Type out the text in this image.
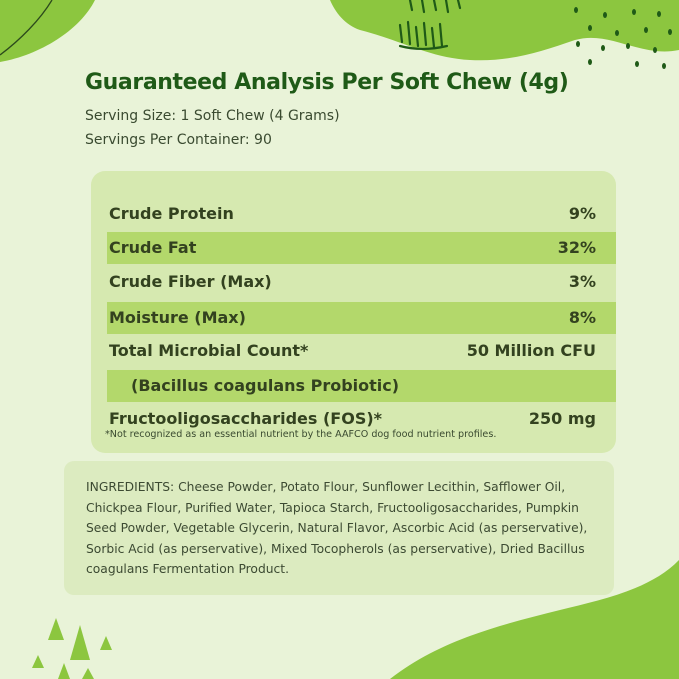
Guaranteed Analysis Per Soft Chew (4g)

Serving Size: 1 Soft Chew (4 Grams)

Servings Per Container: 90

Crude Protein	9%
Crude Fat	32%
Crude Fiber (Max)	3%
Moisture (Max)	8%
Total Microbial Count*	50 Million CFU
(Bacillus coagulans Probiotic)
Fructooligosaccharides (FOS)*	250 mg
*Not recognized as an essential nutrient by the AAFCO dog food nutrient profiles.

INGREDIENTS: Cheese Powder, Potato Flour, Sunflower Lecithin, Safflower Oil, Chickpea Flour, Purified Water, Tapioca Starch, Fructooligosaccharides, Pumpkin Seed Powder, Vegetable Glycerin, Natural Flavor, Ascorbic Acid (as perservative), Sorbic Acid (as perservative), Mixed Tocopherols (as perservative), Dried Bacillus coagulans Fermentation Product.
